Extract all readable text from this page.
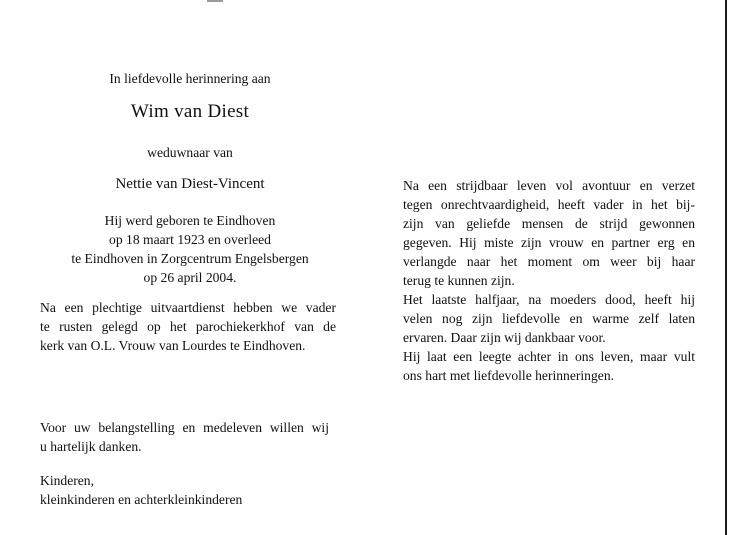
In liefdevolle herinnering aan
Wim van Diest
weduwnaar van
Nettie van Diest-Vincent
Hij werd geboren te Eindhoven
op 18 maart 1923 en overleed
te Eindhoven in Zorgcentrum Engelsbergen
op 26 april 2004.
Na een plechtige uitvaartdienst hebben we vader
te rusten gelegd op het parochiekerkhof van de
kerk van O.L. Vrouw van Lourdes te Eindhoven.
Voor uw belangstelling en medeleven willen wij
u hartelijk danken.
Kinderen,
kleinkinderen en achterkleinkinderen
Na een strijdbaar leven vol avontuur en verzet
tegen onrechtvaardigheid, heeft vader in het bij-
zijn van geliefde mensen de strijd gewonnen
gegeven. Hij miste zijn vrouw en partner erg en
verlangde naar het moment om weer bij haar
terug te kunnen zijn.
Het laatste halfjaar, na moeders dood, heeft hij
velen nog zijn liefdevolle en warme zelf laten
ervaren. Daar zijn wij dankbaar voor.
Hij laat een leegte achter in ons leven, maar vult
ons hart met liefdevolle herinneringen.
